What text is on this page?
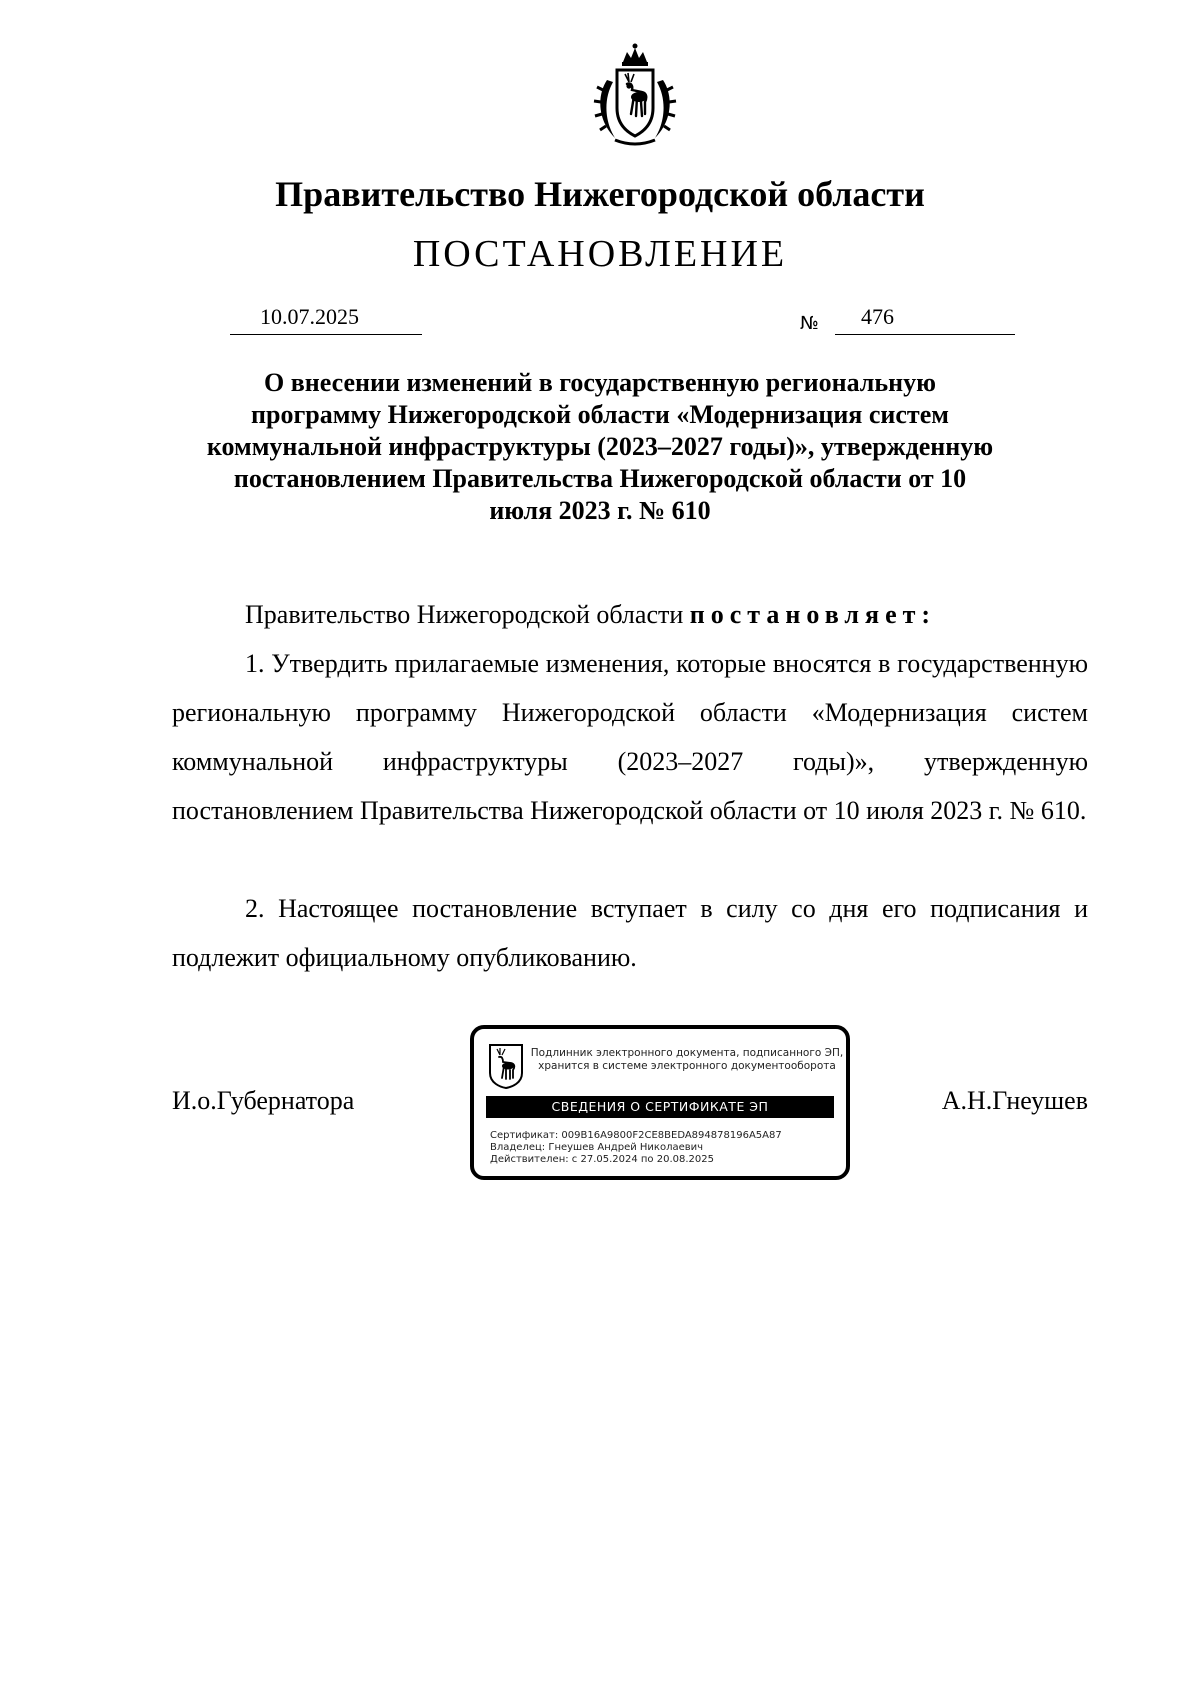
Правительство Нижегородской области
ПОСТАНОВЛЕНИЕ
10.07.2025	№ 476
О внесении изменений в государственную региональную программу Нижегородской области «Модернизация систем коммунальной инфраструктуры (2023–2027 годы)», утвержденную постановлением Правительства Нижегородской области от 10 июля 2023 г. № 610
Правительство Нижегородской области постановляет:
1. Утвердить прилагаемые изменения, которые вносятся в государственную региональную программу Нижегородской области «Модернизация систем коммунальной инфраструктуры (2023–2027 годы)», утвержденную постановлением Правительства Нижегородской области от 10 июля 2023 г. № 610.
2. Настоящее постановление вступает в силу со дня его подписания и подлежит официальному опубликованию.
И.о.Губернатора
Подлинник электронного документа, подписанного ЭП,
хранится в системе электронного документооборота
СВЕДЕНИЯ О СЕРТИФИКАТЕ ЭП
Сертификат: 009B16A9800F2CE8BEDA894878196A5A87
Владелец: Гнеушев Андрей Николаевич
Действителен: с 27.05.2024 по 20.08.2025
А.Н.Гнеушев
